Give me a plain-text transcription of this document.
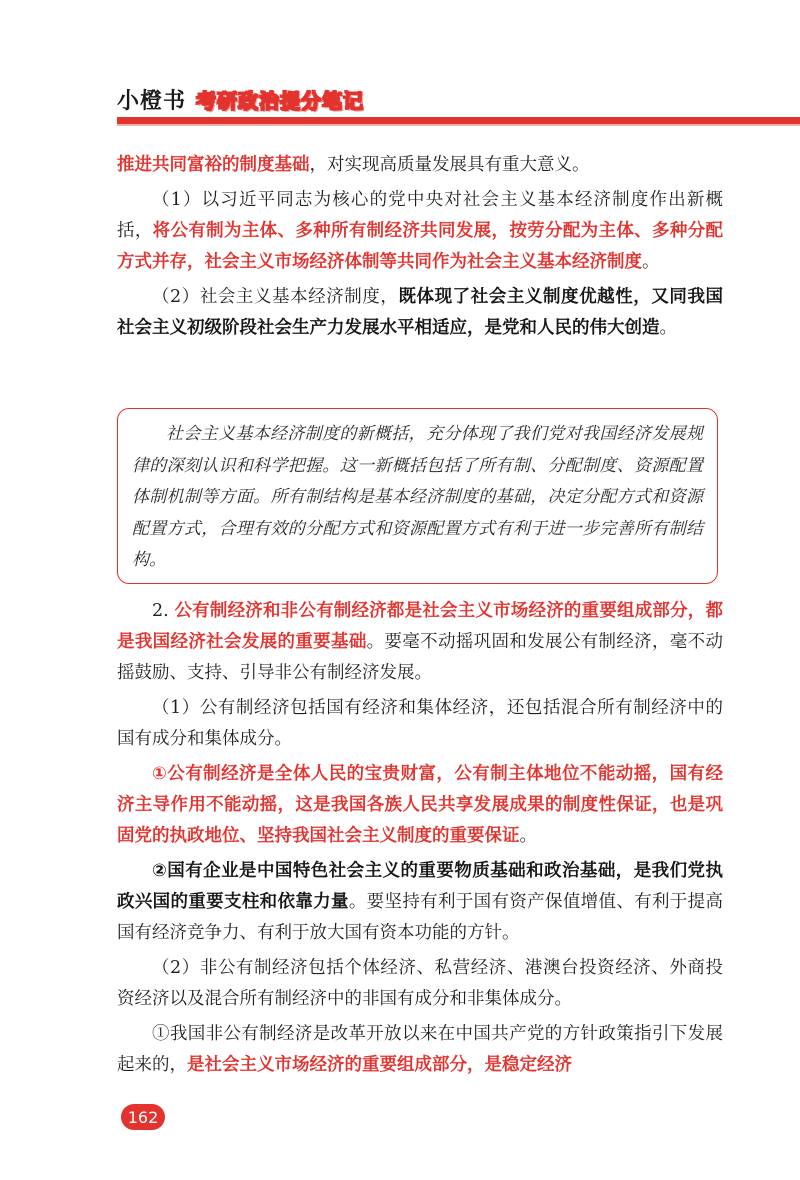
小橙书 考研政治提分笔记

推进共同富裕的制度基础，对实现高质量发展具有重大意义。

（1）以习近平同志为核心的党中央对社会主义基本经济制度作出新概括，将公有制为主体、多种所有制经济共同发展，按劳分配为主体、多种分配方式并存，社会主义市场经济体制等共同作为社会主义基本经济制度。

（2）社会主义基本经济制度，既体现了社会主义制度优越性，又同我国社会主义初级阶段社会生产力发展水平相适应，是党和人民的伟大创造。

社会主义基本经济制度的新概括，充分体现了我们党对我国经济发展规律的深刻认识和科学把握。这一新概括包括了所有制、分配制度、资源配置体制机制等方面。所有制结构是基本经济制度的基础，决定分配方式和资源配置方式，合理有效的分配方式和资源配置方式有利于进一步完善所有制结构。

2. 公有制经济和非公有制经济都是社会主义市场经济的重要组成部分，都是我国经济社会发展的重要基础。要毫不动摇巩固和发展公有制经济，毫不动摇鼓励、支持、引导非公有制经济发展。

（1）公有制经济包括国有经济和集体经济，还包括混合所有制经济中的国有成分和集体成分。

①公有制经济是全体人民的宝贵财富，公有制主体地位不能动摇，国有经济主导作用不能动摇，这是我国各族人民共享发展成果的制度性保证，也是巩固党的执政地位、坚持我国社会主义制度的重要保证。

②国有企业是中国特色社会主义的重要物质基础和政治基础，是我们党执政兴国的重要支柱和依靠力量。要坚持有利于国有资产保值增值、有利于提高国有经济竞争力、有利于放大国有资本功能的方针。

（2）非公有制经济包括个体经济、私营经济、港澳台投资经济、外商投资经济以及混合所有制经济中的非国有成分和非集体成分。

①我国非公有制经济是改革开放以来在中国共产党的方针政策指引下发展起来的，是社会主义市场经济的重要组成部分，是稳定经济

162
